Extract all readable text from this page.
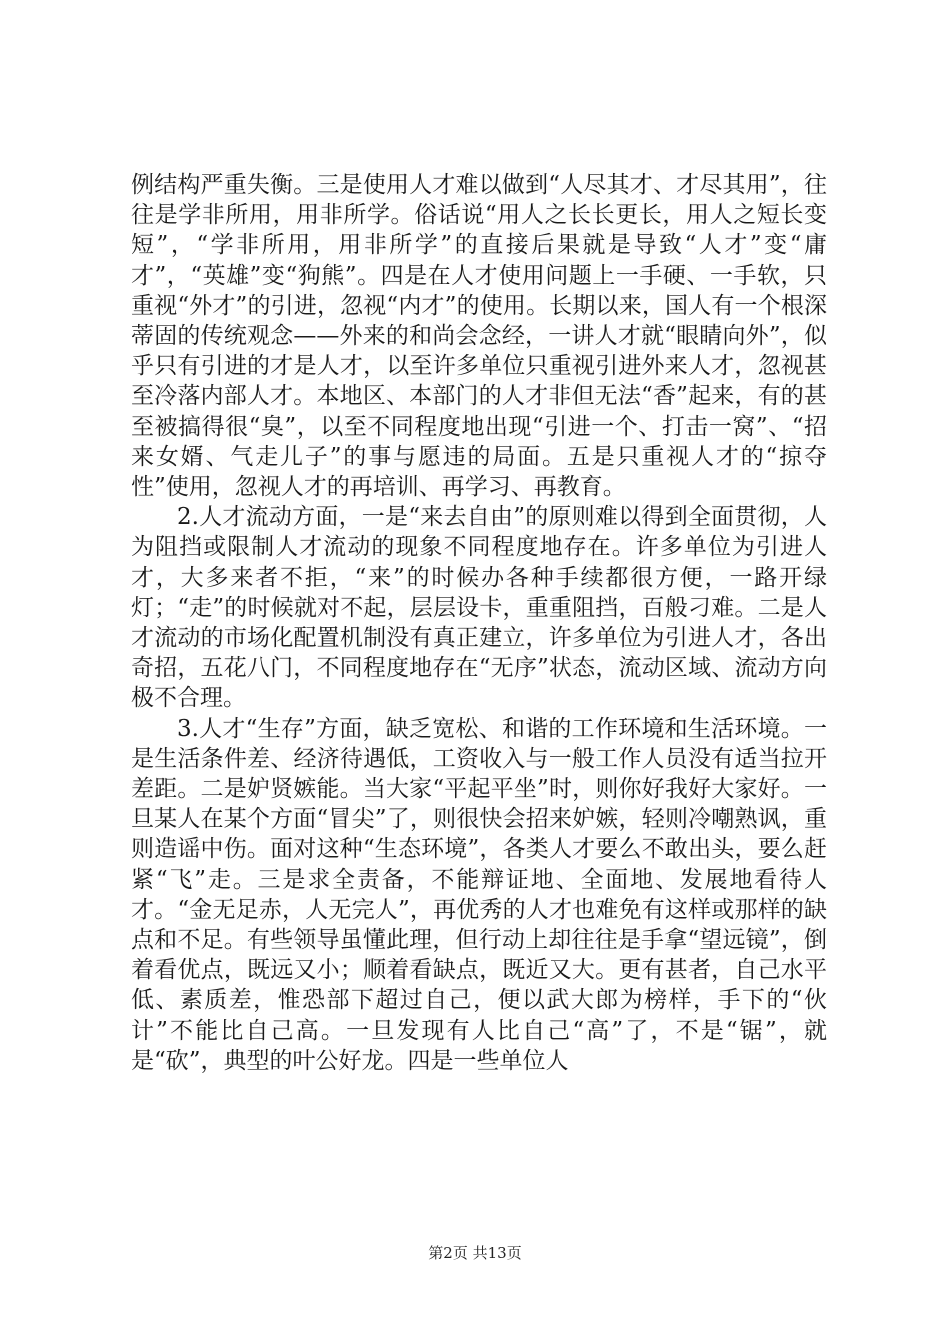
例结构严重失衡。三是使用人才难以做到“人尽其才、才尽其用”，往往是学非所用，用非所学。俗话说“用人之长长更长，用人之短长变短”，“学非所用，用非所学”的直接后果就是导致“人才”变“庸才”，“英雄”变“狗熊”。四是在人才使用问题上一手硬、一手软，只重视“外才”的引进，忽视“内才”的使用。长期以来，国人有一个根深蒂固的传统观念——外来的和尚会念经，一讲人才就“眼睛向外”，似乎只有引进的才是人才，以至许多单位只重视引进外来人才，忽视甚至冷落内部人才。本地区、本部门的人才非但无法“香”起来，有的甚至被搞得很“臭”，以至不同程度地出现“引进一个、打击一窝”、“招来女婿、气走儿子”的事与愿违的局面。五是只重视人才的“掠夺性”使用，忽视人才的再培训、再学习、再教育。

2.人才流动方面，一是“来去自由”的原则难以得到全面贯彻，人为阻挡或限制人才流动的现象不同程度地存在。许多单位为引进人才，大多来者不拒，“来”的时候办各种手续都很方便，一路开绿灯；“走”的时候就对不起，层层设卡，重重阻挡，百般刁难。二是人才流动的市场化配置机制没有真正建立，许多单位为引进人才，各出奇招，五花八门，不同程度地存在“无序”状态，流动区域、流动方向极不合理。

3.人才“生存”方面，缺乏宽松、和谐的工作环境和生活环境。一是生活条件差、经济待遇低，工资收入与一般工作人员没有适当拉开差距。二是妒贤嫉能。当大家“平起平坐”时，则你好我好大家好。一旦某人在某个方面“冒尖”了，则很快会招来妒嫉，轻则冷嘲熟讽，重则造谣中伤。面对这种“生态环境”，各类人才要么不敢出头，要么赶紧“飞”走。三是求全责备，不能辩证地、全面地、发展地看待人才。“金无足赤，人无完人”，再优秀的人才也难免有这样或那样的缺点和不足。有些领导虽懂此理，但行动上却往往是手拿“望远镜”，倒着看优点，既远又小；顺着看缺点，既近又大。更有甚者，自己水平低、素质差，惟恐部下超过自己，便以武大郎为榜样，手下的“伙计”不能比自己高。一旦发现有人比自己“高”了，不是“锯”，就是“砍”，典型的叶公好龙。四是一些单位人

第2页 共13页
